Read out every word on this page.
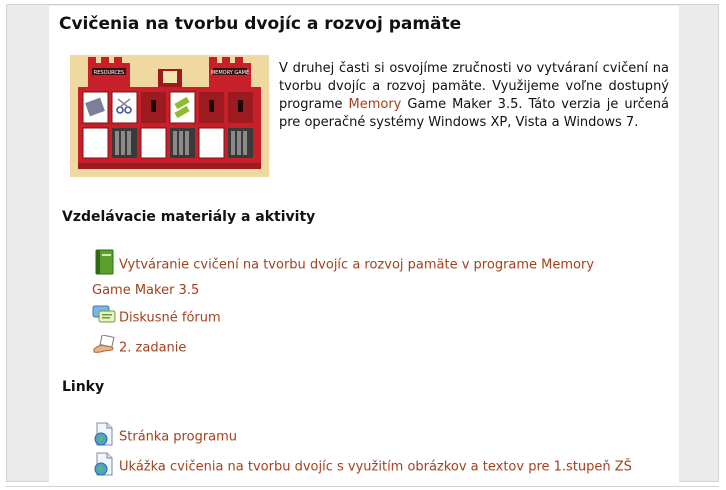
Cvičenia na tvorbu dvojíc a rozvoj pamäte
RESOURCES	MEMORY GAME V druhej časti si osvojíme zručnosti vo vytváraní cvičení na tvorbu dvojíc a rozvoj pamäte. Využijeme voľne dostupný programe Memory Game Maker 3.5. Táto verzia je určená pre operačné systémy Windows XP, Vista a Windows 7.
Vzdelávacie materiály a aktivity
Vytváranie cvičení na tvorbu dvojíc a rozvoj pamäte v programe Memory Game Maker 3.5
Diskusné fórum
2. zadanie
Linky
Stránka programu
Ukážka cvičenia na tvorbu dvojíc s využitím obrázkov a textov pre 1.stupeň ZŠ
